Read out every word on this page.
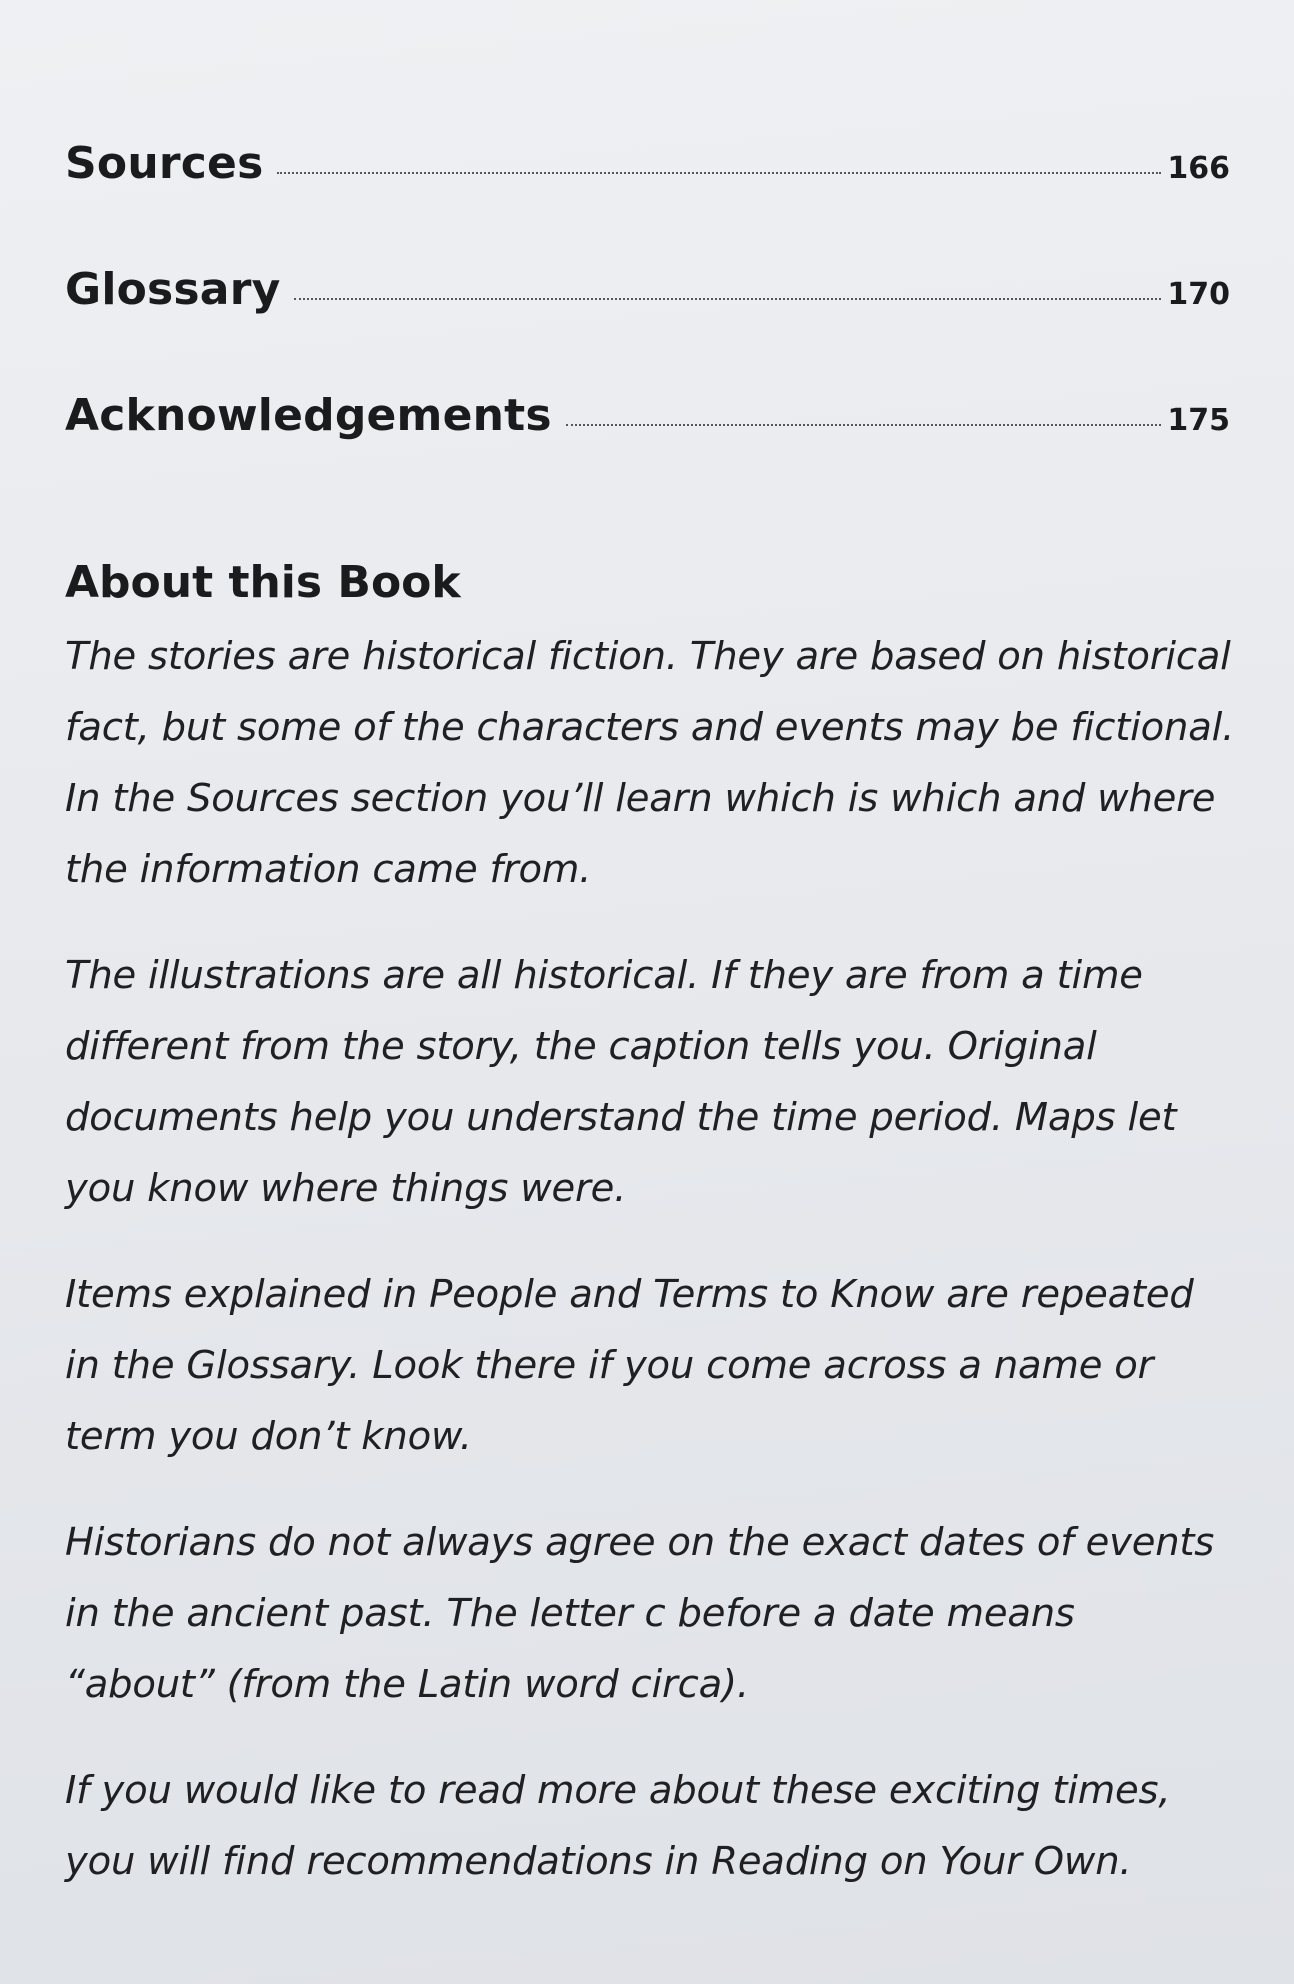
Sources	166
Glossary	170
Acknowledgements	175
About this Book

The stories are historical fiction. They are based on historical fact, but some of the characters and events may be fictional. In the Sources section you’ll learn which is which and where the information came from.

The illustrations are all historical. If they are from a time different from the story, the caption tells you. Original documents help you understand the time period. Maps let you know where things were.

Items explained in People and Terms to Know are repeated in the Glossary. Look there if you come across a name or term you don’t know.

Historians do not always agree on the exact dates of events in the ancient past. The letter c before a date means “about” (from the Latin word circa).

If you would like to read more about these exciting times, you will find recommendations in Reading on Your Own.
